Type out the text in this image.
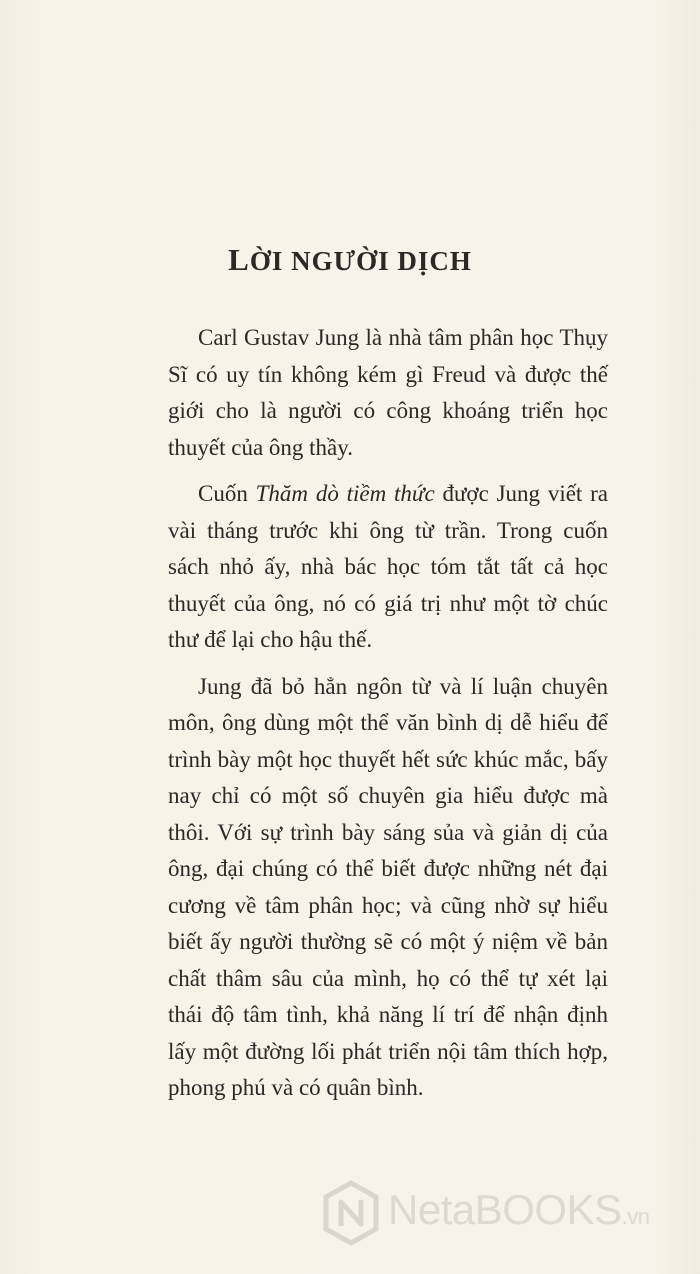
LỜI NGƯỜI DỊCH

Carl Gustav Jung là nhà tâm phân học Thụy Sĩ có uy tín không kém gì Freud và được thế giới cho là người có công khoáng triển học thuyết của ông thầy.

Cuốn Thăm dò tiềm thức được Jung viết ra vài tháng trước khi ông từ trần. Trong cuốn sách nhỏ ấy, nhà bác học tóm tắt tất cả học thuyết của ông, nó có giá trị như một tờ chúc thư để lại cho hậu thế.

Jung đã bỏ hẳn ngôn từ và lí luận chuyên môn, ông dùng một thể văn bình dị dễ hiểu để trình bày một học thuyết hết sức khúc mắc, bấy nay chỉ có một số chuyên gia hiểu được mà thôi. Với sự trình bày sáng sủa và giản dị của ông, đại chúng có thể biết được những nét đại cương về tâm phân học; và cũng nhờ sự hiểu biết ấy người thường sẽ có một ý niệm về bản chất thâm sâu của mình, họ có thể tự xét lại thái độ tâm tình, khả năng lí trí để nhận định lấy một đường lối phát triển nội tâm thích hợp, phong phú và có quân bình.

NetaBOOKS.vn
